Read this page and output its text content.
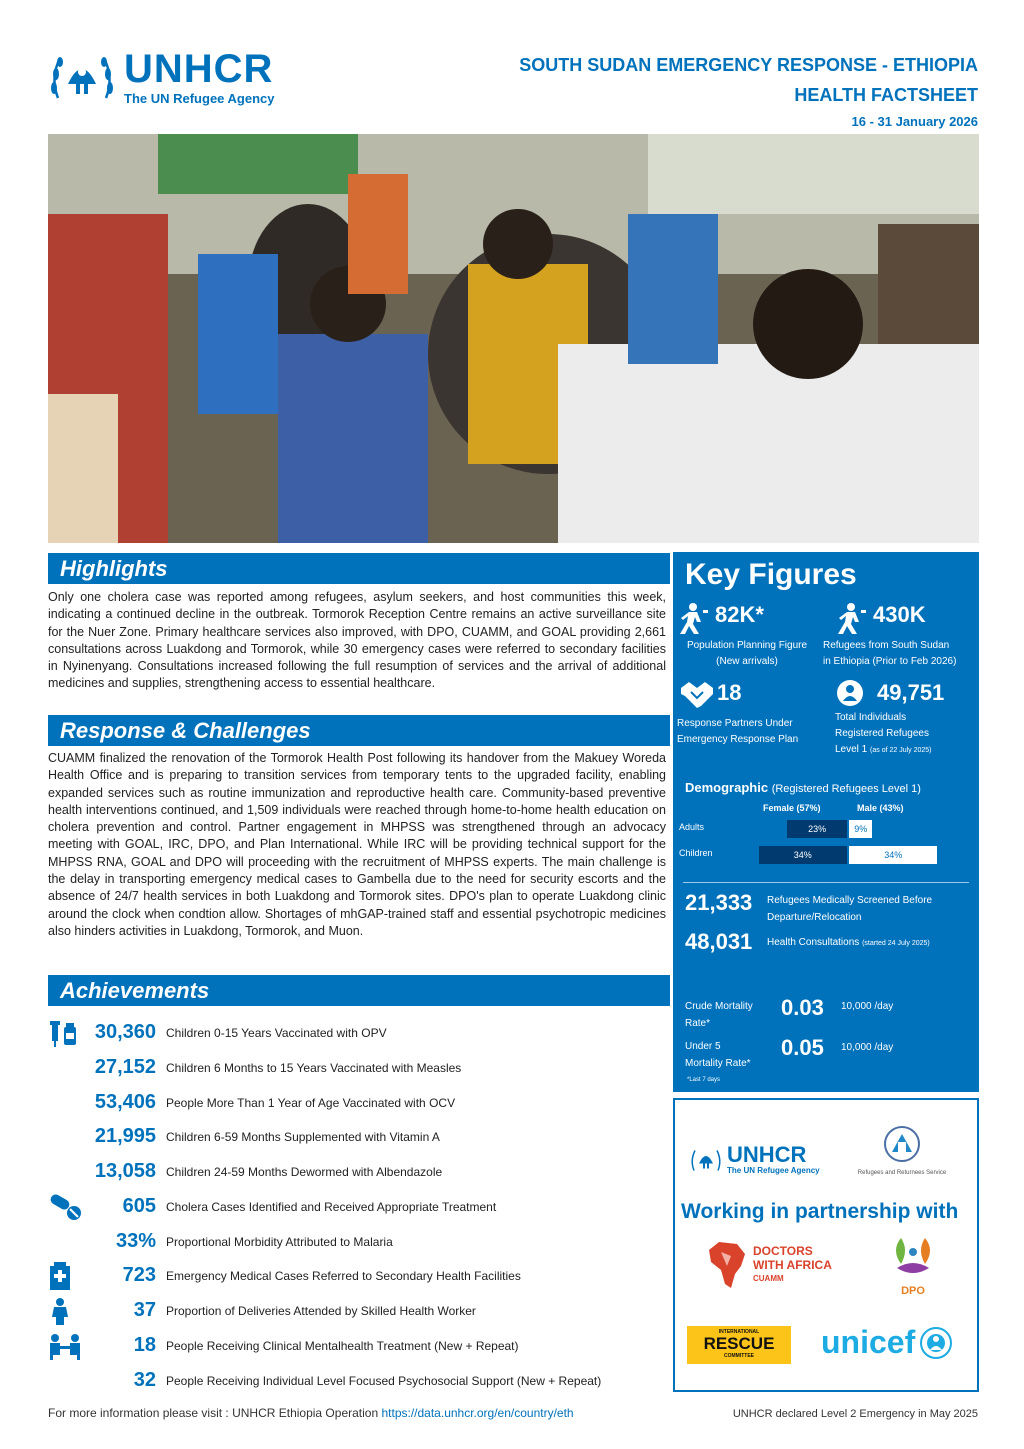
UNHCR
The UN Refugee Agency
SOUTH SUDAN EMERGENCY RESPONSE - ETHIOPIA
HEALTH FACTSHEET
16 - 31 January 2026
Highlights
Only one cholera case was reported among refugees, asylum seekers, and host communities this week, indicating a continued decline in the outbreak. Tormorok Reception Centre remains an active surveillance site for the Nuer Zone. Primary healthcare services also improved, with DPO, CUAMM, and GOAL providing 2,661 consultations across Luakdong and Tormorok, while 30 emergency cases were referred to secondary facilities in Nyinenyang. Consultations increased following the full resumption of services and the arrival of additional medicines and supplies, strengthening access to essential healthcare.
Response & Challenges
CUAMM finalized the renovation of the Tormorok Health Post following its handover from the Makuey Woreda Health Office and is preparing to transition services from temporary tents to the upgraded facility, enabling expanded services such as routine immunization and reproductive health care. Community-based preventive health interventions continued, and 1,509 individuals were reached through home-to-home health education on cholera prevention and control. Partner engagement in MHPSS was strengthened through an advocacy meeting with GOAL, IRC, DPO, and Plan International. While IRC will be providing technical support for the MHPSS RNA, GOAL and DPO will proceeding with the recruitment of MHPSS experts. The main challenge is the delay in transporting emergency medical cases to Gambella due to the need for security escorts and the absence of 24/7 health services in both Luakdong and Tormorok sites. DPO's plan to operate Luakdong clinic around the clock when condtion allow. Shortages of mhGAP-trained staff and essential psychotropic medicines also hinders activities in Luakdong, Tormorok, and Muon.
Key Figures
82K*
Population Planning Figure
(New arrivals)
430K
Refugees from South Sudan
in Ethiopia (Prior to Feb 2026)
18
Response Partners Under
Emergency Response Plan
49,751
Total Individuals
Registered Refugees
Level 1 (as of 22 July 2025)
Demographic (Registered Refugees Level 1)
Female (57%)	Male (43%)
Adults	23%	9%
Children	34%	34%
21,333 Refugees Medically Screened Before
Departure/Relocation
48,031 Health Consultations (started 24 July 2025)
Crude Mortality
Rate*
0.03 10,000 /day
Under 5
Mortality Rate*
0.05 10,000 /day
*Last 7 days
Achievements
30,360 Children 0-15 Years Vaccinated with OPV
27,152 Children 6 Months to 15 Years Vaccinated with Measles
53,406 People More Than 1 Year of Age Vaccinated with OCV
21,995 Children 6-59 Months Supplemented with Vitamin A
13,058 Children 24-59 Months Dewormed with Albendazole
605 Cholera Cases Identified and Received Appropriate Treatment
33% Proportional Morbidity Attributed to Malaria
723 Emergency Medical Cases Referred to Secondary Health Facilities
37 Proportion of Deliveries Attended by Skilled Health Worker
18 People Receiving Clinical Mentalhealth Treatment (New + Repeat)
32 People Receiving Individual Level Focused Psychosocial Support (New + Repeat)
UNHCR
The UN Refugee Agency	Refugees and Returnees Service
Working in partnership with
DOCTORS
WITH AFRICA
CUAMM
DPO
INTERNATIONAL
RESCUE
COMMITTEE	unicef
For more information please visit : UNHCR Ethiopia Operation https://data.unhcr.org/en/country/eth	UNHCR declared Level 2 Emergency in May 2025
